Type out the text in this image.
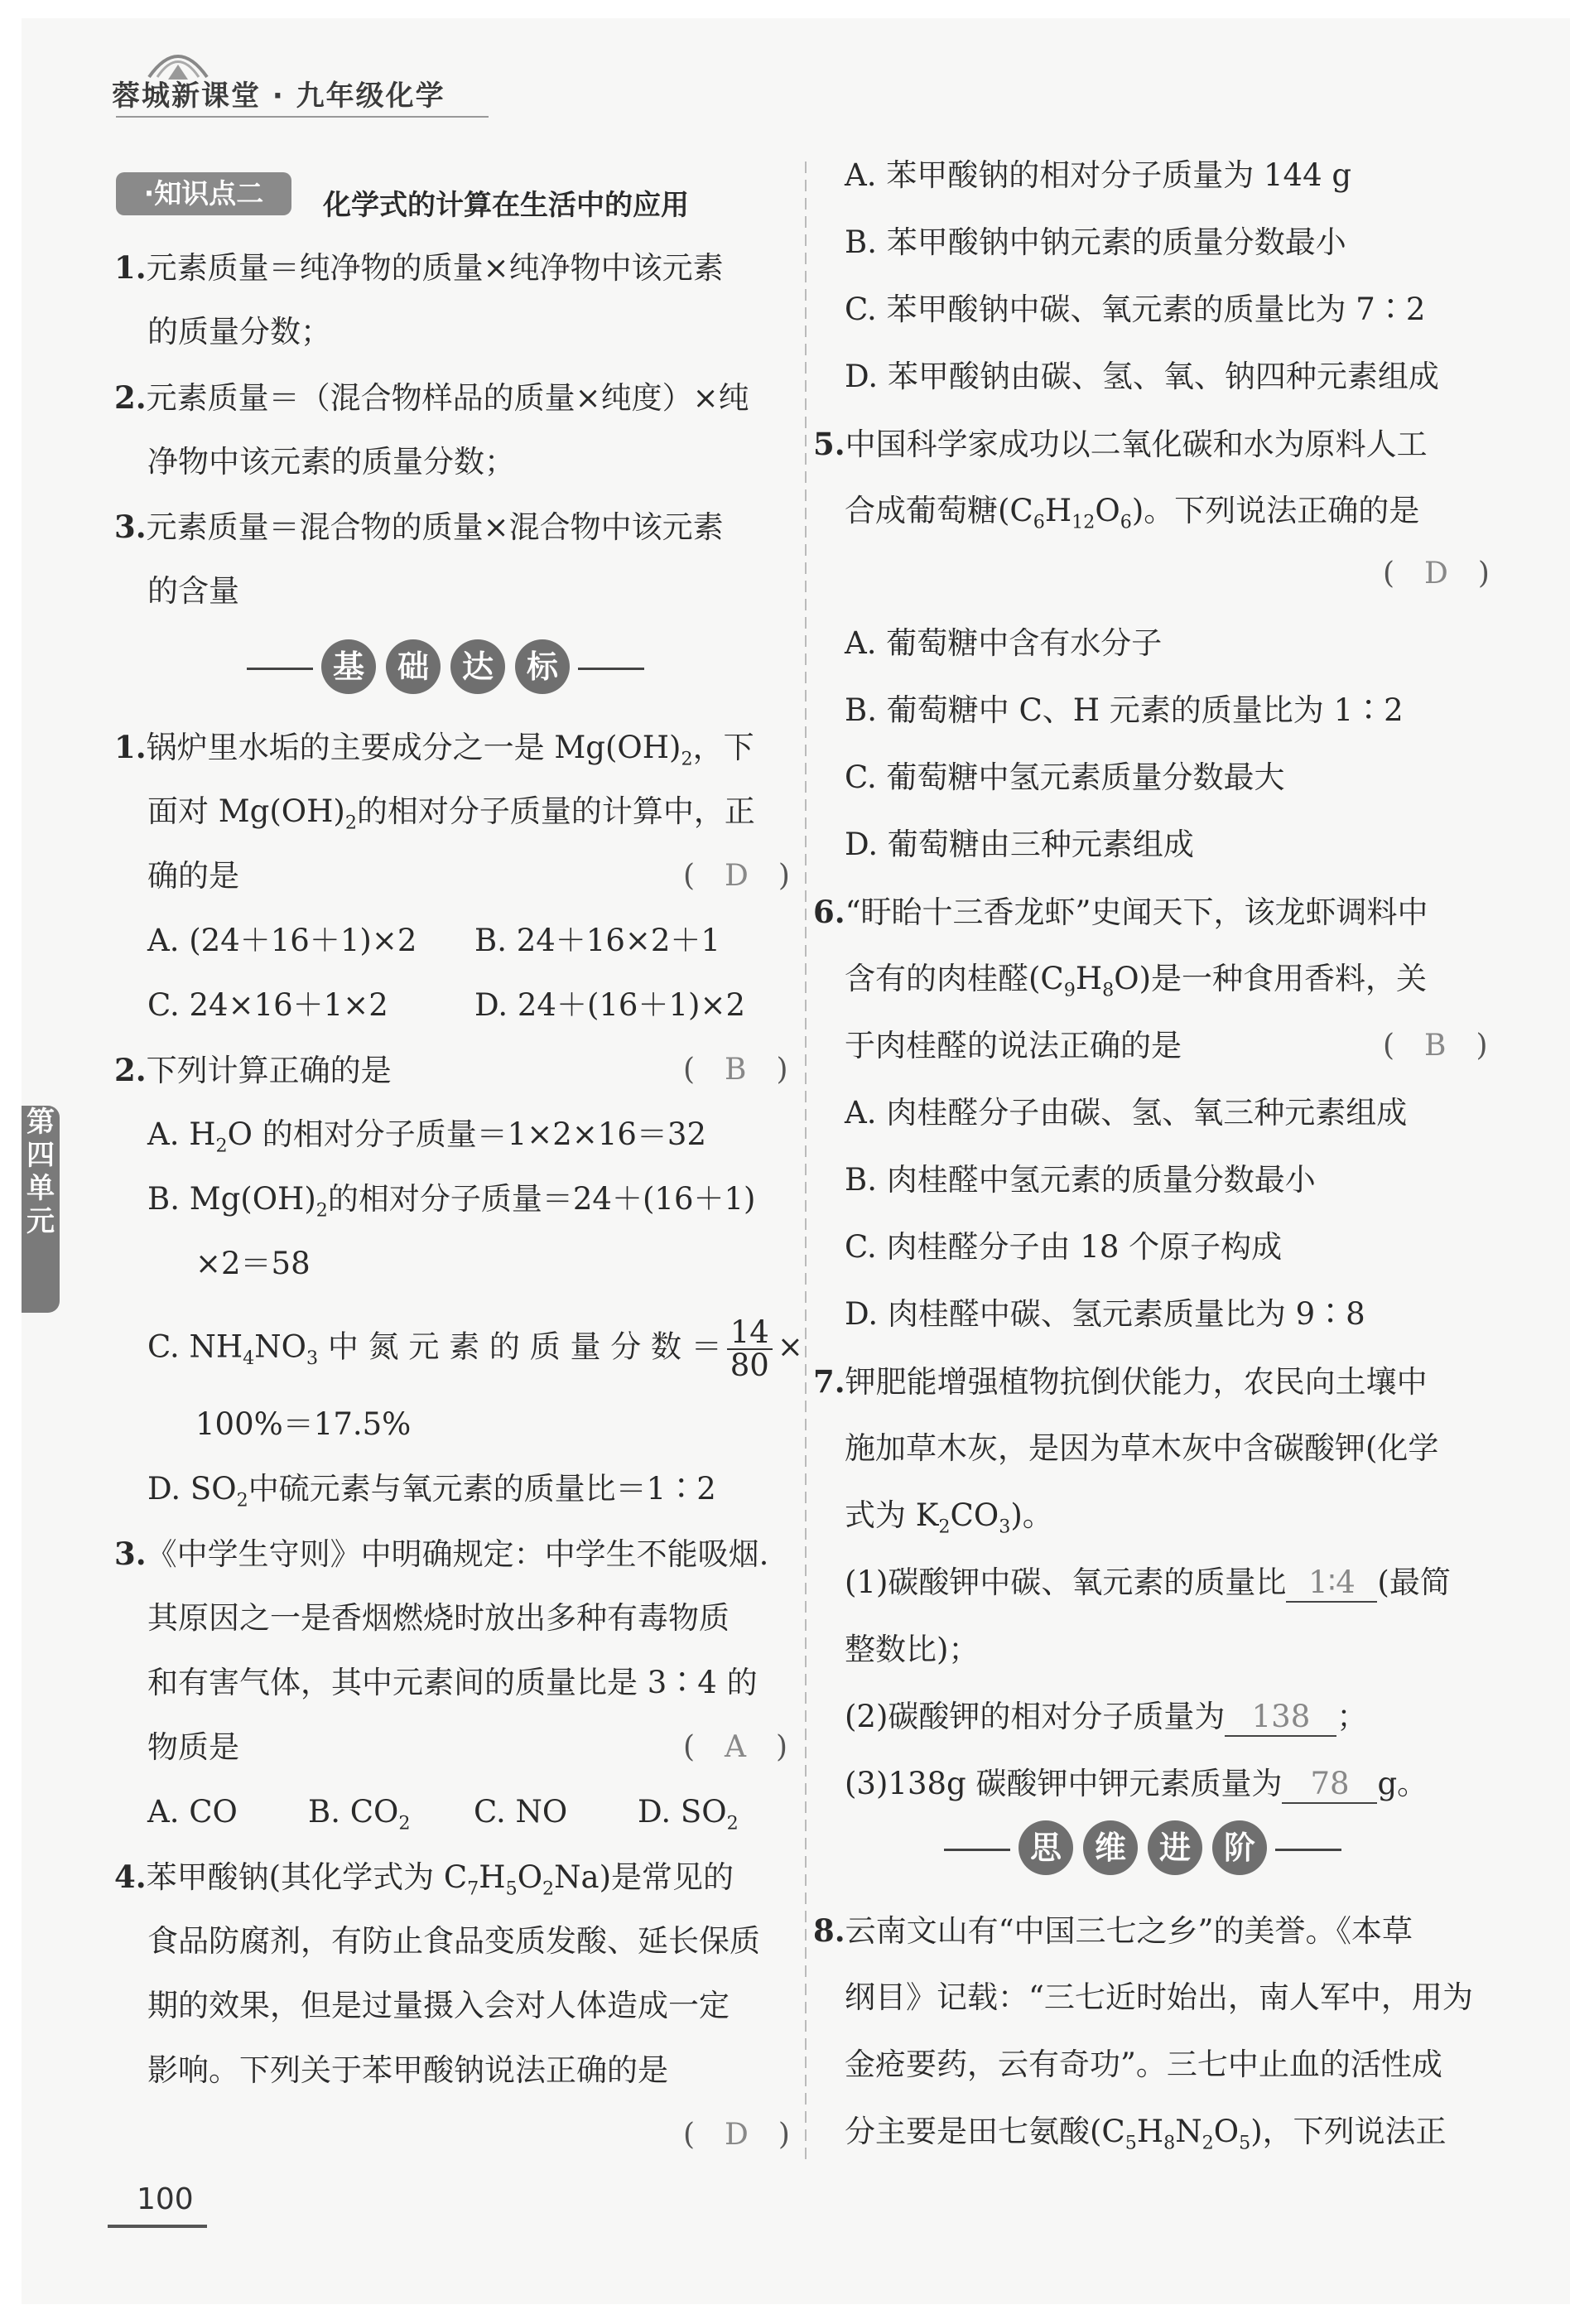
蓉城新课堂 · 九年级化学
·知识点二	化学式的计算在生活中的应用
1.元素质量＝纯净物的质量×纯净物中该元素
的质量分数；
2.元素质量＝（混合物样品的质量×纯度）×纯
净物中该元素的质量分数；
3.元素质量＝混合物的质量×混合物中该元素
的含量
基	础	达	标
1.锅炉里水垢的主要成分之一是 $Mg(OH)_2$，下
面对 $Mg(OH)_2$的相对分子质量的计算中，正
确的是	(　D　)
A. (24＋16＋1)×2 B. 24＋16×2＋1
C. 24×16＋1×2	D. 24＋(16＋1)×2
2.下列计算正确的是	(　B　)
A. $H_2O$ 的相对分子质量＝1×2×16＝32
B. $Mg(OH)_2$的相对分子质量＝24＋(16＋1)
×2＝58
C. $NH_4NO_3$ 中 氮 元 素 的 质 量 分 数 ＝ $\frac{14}{80}$ ×
100%＝17.5%
D. $SO_2$中硫元素与氧元素的质量比＝1∶2
3.《中学生守则》中明确规定：中学生不能吸烟.
其原因之一是香烟燃烧时放出多种有毒物质
和有害气体，其中元素间的质量比是 3∶4 的
物质是	(　A　)
A. CO B. $CO_2$ C. NO D. $SO_2$
4.苯甲酸钠(其化学式为 $C_7H_5O_2Na$)是常见的
食品防腐剂，有防止食品变质发酸、延长保质
期的效果，但是过量摄入会对人体造成一定
影响。下列关于苯甲酸钠说法正确的是
(　D　)
A. 苯甲酸钠的相对分子质量为 144 g
B. 苯甲酸钠中钠元素的质量分数最小
C. 苯甲酸钠中碳、氧元素的质量比为 7∶2
D. 苯甲酸钠由碳、氢、氧、钠四种元素组成
5.中国科学家成功以二氧化碳和水为原料人工
合成葡萄糖$(C_6H_{12}O_6)$。下列说法正确的是
(　D　)
A. 葡萄糖中含有水分子
B. 葡萄糖中 C、H 元素的质量比为 1∶2
C. 葡萄糖中氢元素质量分数最大
D. 葡萄糖由三种元素组成
6.“盱眙十三香龙虾”史闻天下，该龙虾调料中
含有的肉桂醛$(C_9H_8O)$是一种食用香料，关
于肉桂醛的说法正确的是	(　B　)
A. 肉桂醛分子由碳、氢、氧三种元素组成
B. 肉桂醛中氢元素的质量分数最小
C. 肉桂醛分子由 18 个原子构成
D. 肉桂醛中碳、氢元素质量比为 9∶8
7.钾肥能增强植物抗倒伏能力，农民向土壤中
施加草木灰，是因为草木灰中含碳酸钾(化学
式为 $K_2CO_3$)。
(1)碳酸钾中碳、氧元素的质量比 1∶4 (最简
整数比)；
(2)碳酸钾的相对分子质量为 138 ；
(3)138g 碳酸钾中钾元素质量为 78 g。
思	维	进	阶
8.云南文山有“中国三七之乡”的美誉。《本草
纲目》记载：“三七近时始出，南人军中，用为
金疮要药，云有奇功”。三七中止血的活性成
分主要是田七氨酸$(C_5H_8N_2O_5)$，下列说法正
第
四
单
元
100
